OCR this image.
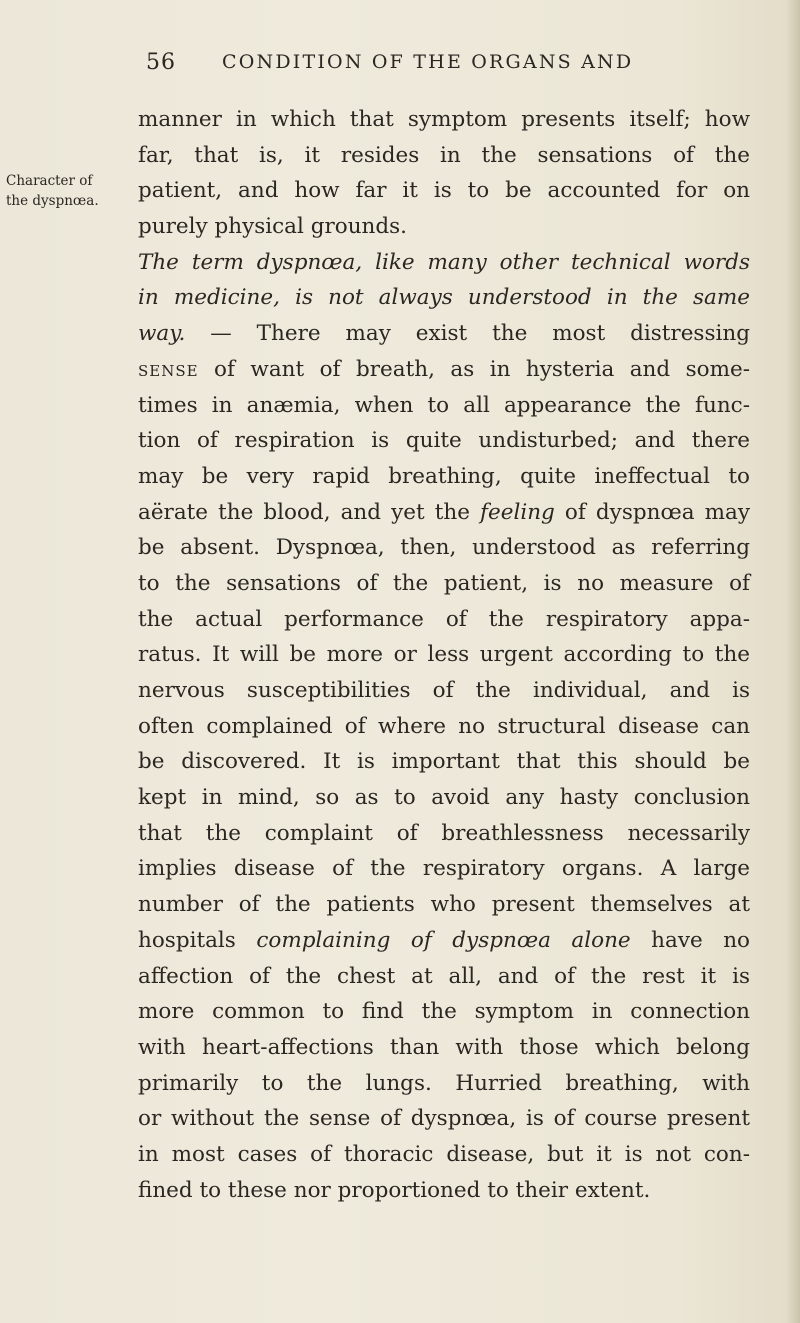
56 CONDITION OF THE ORGANS AND
Character of
the dyspnœa.
manner in which that symptom presents itself; how
far, that is, it resides in the sensations of the
patient, and how far it is to be accounted for on
purely physical grounds.
The term dyspnœa, like many other technical words
in medicine, is not always understood in the same
way. — There may exist the most distressing
sense of want of breath, as in hysteria and some-
times in anæmia, when to all appearance the func-
tion of respiration is quite undisturbed; and there
may be very rapid breathing, quite ineffectual to
aërate the blood, and yet the feeling of dyspnœa may
be absent. Dyspnœa, then, understood as referring
to the sensations of the patient, is no measure of
the actual performance of the respiratory appa-
ratus. It will be more or less urgent according to the
nervous susceptibilities of the individual, and is
often complained of where no structural disease can
be discovered. It is important that this should be
kept in mind, so as to avoid any hasty conclusion
that the complaint of breathlessness necessarily
implies disease of the respiratory organs. A large
number of the patients who present themselves at
hospitals complaining of dyspnœa alone have no
affection of the chest at all, and of the rest it is
more common to find the symptom in connection
with heart-affections than with those which belong
primarily to the lungs. Hurried breathing, with
or without the sense of dyspnœa, is of course present
in most cases of thoracic disease, but it is not con-
fined to these nor proportioned to their extent.
